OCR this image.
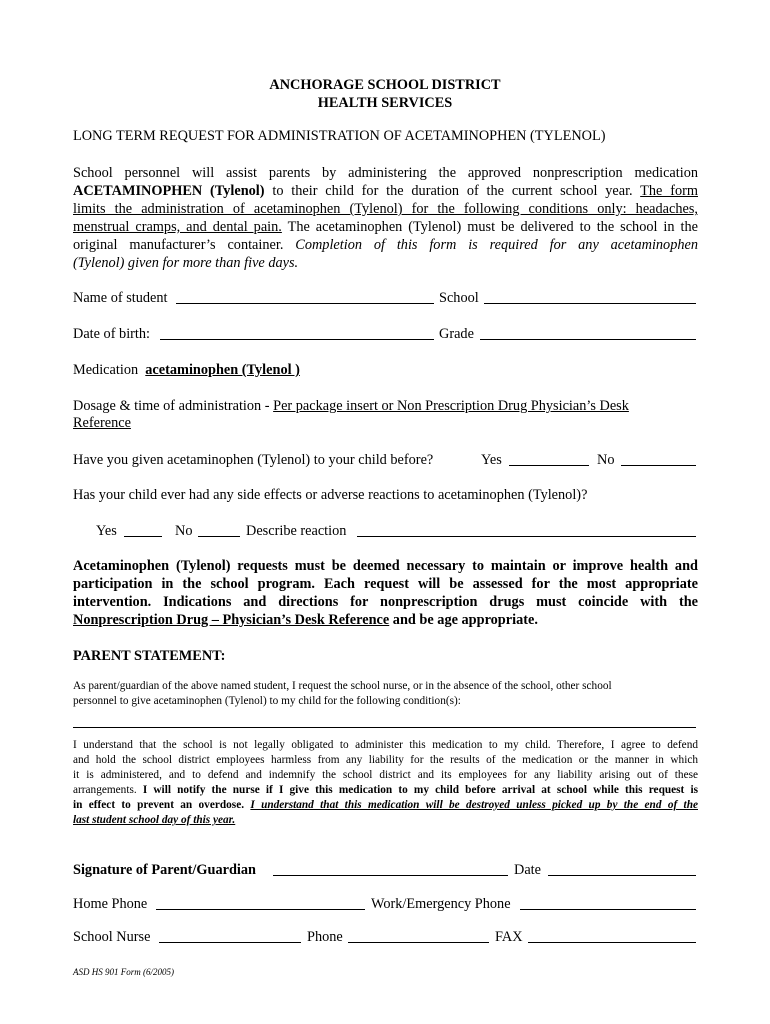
ANCHORAGE SCHOOL DISTRICT
HEALTH SERVICES
LONG TERM REQUEST FOR ADMINISTRATION OF ACETAMINOPHEN (TYLENOL)
School personnel will assist parents by administering the approved nonprescription medication
ACETAMINOPHEN (Tylenol) to their child for the duration of the current school year. The form
limits the administration of acetaminophen (Tylenol) for the following conditions only: headaches,
menstrual cramps, and dental pain. The acetaminophen (Tylenol) must be delivered to the school in the
original manufacturer’s container. Completion of this form is required for any acetaminophen
(Tylenol) given for more than five days.
Name of student	School
Date of birth:	Grade
Medication acetaminophen (Tylenol )
Dosage & time of administration - Per package insert or Non Prescription Drug Physician’s Desk
Reference
Have you given acetaminophen (Tylenol) to your child before?	Yes	No
Has your child ever had any side effects or adverse reactions to acetaminophen (Tylenol)?
Yes	No	Describe reaction
Acetaminophen (Tylenol) requests must be deemed necessary to maintain or improve health and
participation in the school program. Each request will be assessed for the most appropriate
intervention. Indications and directions for nonprescription drugs must coincide with the
Nonprescription Drug – Physician’s Desk Reference and be age appropriate.
PARENT STATEMENT:
As parent/guardian of the above named student, I request the school nurse, or in the absence of the school, other school
personnel to give acetaminophen (Tylenol) to my child for the following condition(s):
I understand that the school is not legally obligated to administer this medication to my child. Therefore, I agree to defend
and hold the school district employees harmless from any liability for the results of the medication or the manner in which
it is administered, and to defend and indemnify the school district and its employees for any liability arising out of these
arrangements. I will notify the nurse if I give this medication to my child before arrival at school while this request is
in effect to prevent an overdose. I understand that this medication will be destroyed unless picked up by the end of the
last student school day of this year.
Signature of Parent/Guardian	Date
Home Phone	Work/Emergency Phone
School Nurse	Phone	FAX
ASD HS 901 Form (6/2005)
